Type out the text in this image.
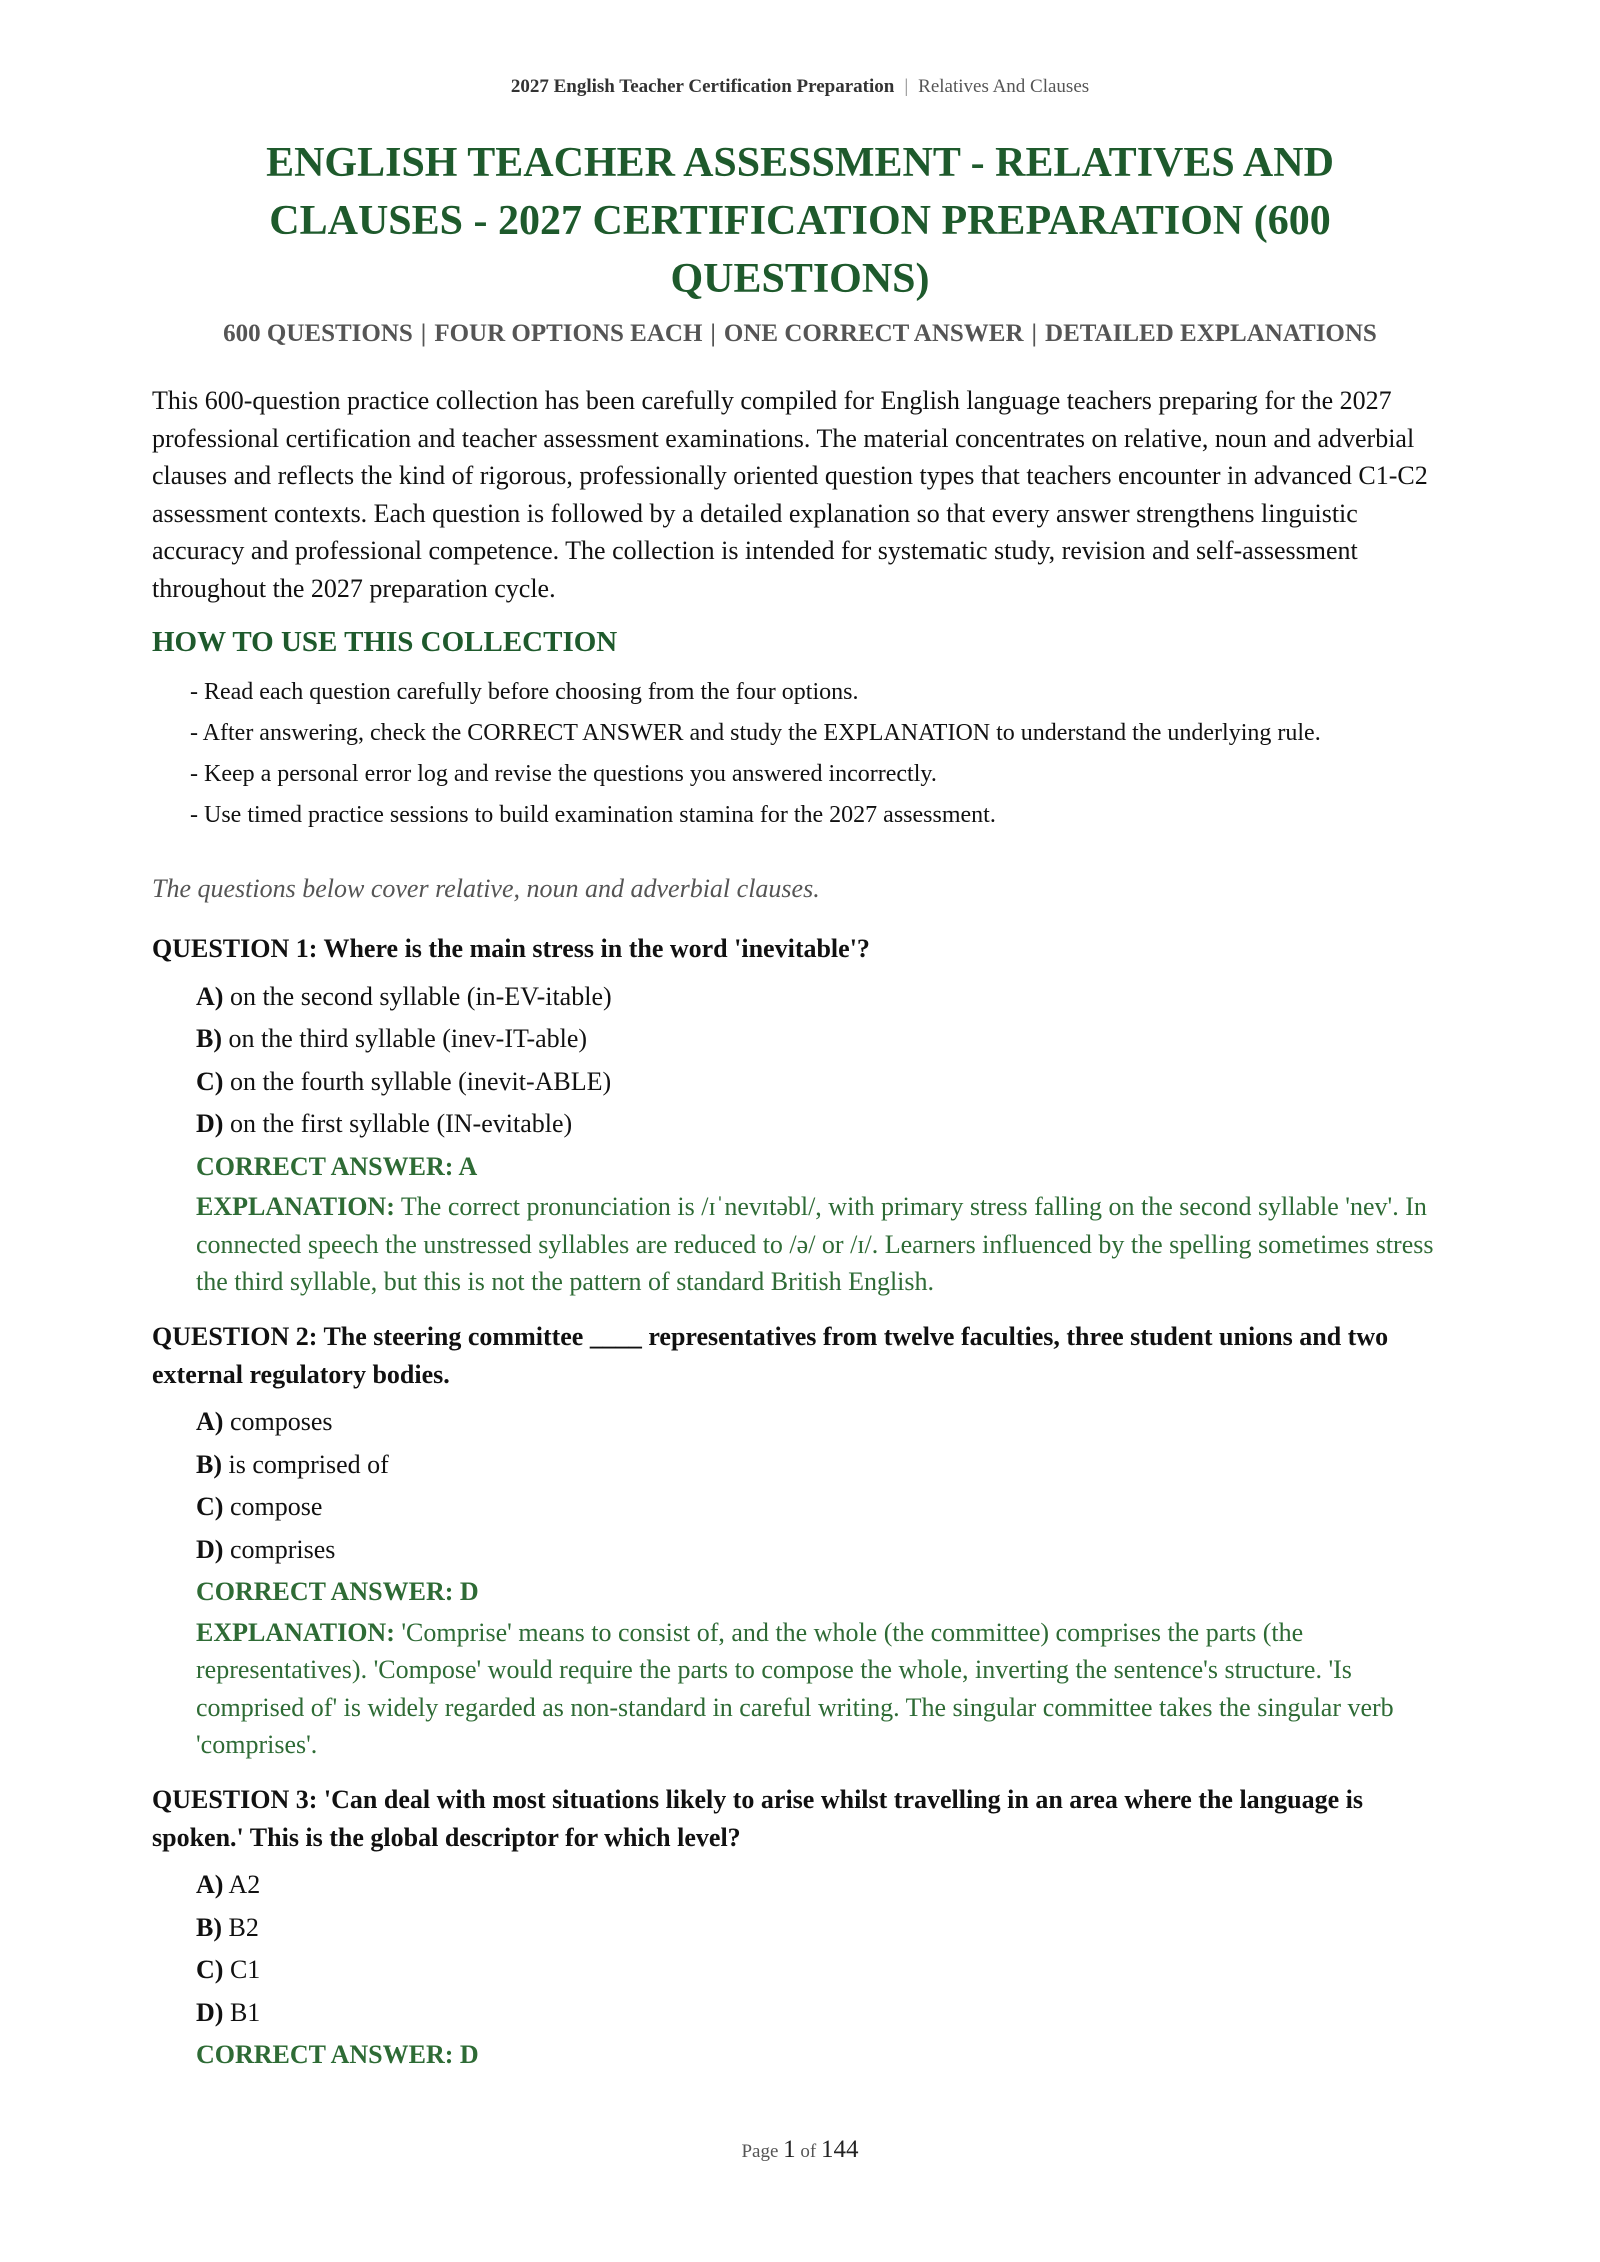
2027 English Teacher Certification Preparation | Relatives And Clauses
ENGLISH TEACHER ASSESSMENT - RELATIVES AND CLAUSES - 2027 CERTIFICATION PREPARATION (600 QUESTIONS)
600 QUESTIONS | FOUR OPTIONS EACH | ONE CORRECT ANSWER | DETAILED EXPLANATIONS

This 600-question practice collection has been carefully compiled for English language teachers preparing for the 2027 professional certification and teacher assessment examinations. The material concentrates on relative, noun and adverbial clauses and reflects the kind of rigorous, professionally oriented question types that teachers encounter in advanced C1-C2 assessment contexts. Each question is followed by a detailed explanation so that every answer strengthens linguistic accuracy and professional competence. The collection is intended for systematic study, revision and self-assessment throughout the 2027 preparation cycle.

HOW TO USE THIS COLLECTION
- Read each question carefully before choosing from the four options.
- After answering, check the CORRECT ANSWER and study the EXPLANATION to understand the underlying rule.
- Keep a personal error log and revise the questions you answered incorrectly.
- Use timed practice sessions to build examination stamina for the 2027 assessment.
The questions below cover relative, noun and adverbial clauses.

QUESTION 1: Where is the main stress in the word 'inevitable'?

A) on the second syllable (in-EV-itable)
B) on the third syllable (inev-IT-able)
C) on the fourth syllable (inevit-ABLE)
D) on the first syllable (IN-evitable)
CORRECT ANSWER: A
EXPLANATION: The correct pronunciation is /ɪˈnevɪtəbl/, with primary stress falling on the second syllable 'nev'. In connected speech the unstressed syllables are reduced to /ə/ or /ɪ/. Learners influenced by the spelling sometimes stress the third syllable, but this is not the pattern of standard British English.

QUESTION 2: The steering committee ____ representatives from twelve faculties, three student unions and two external regulatory bodies.

A) composes
B) is comprised of
C) compose
D) comprises
CORRECT ANSWER: D
EXPLANATION: 'Comprise' means to consist of, and the whole (the committee) comprises the parts (the representatives). 'Compose' would require the parts to compose the whole, inverting the sentence's structure. 'Is comprised of' is widely regarded as non-standard in careful writing. The singular committee takes the singular verb 'comprises'.

QUESTION 3: 'Can deal with most situations likely to arise whilst travelling in an area where the language is spoken.' This is the global descriptor for which level?

A) A2
B) B2
C) C1
D) B1
CORRECT ANSWER: D
Page 1 of 144
